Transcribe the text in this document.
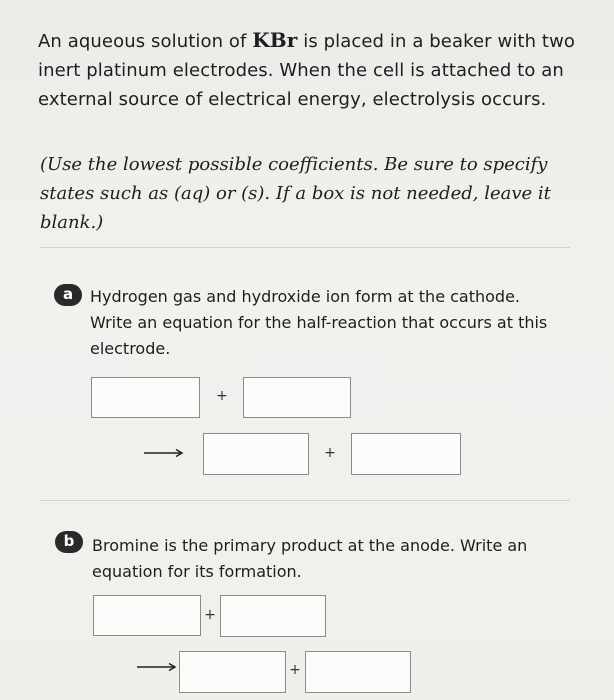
An aqueous solution of KBr is placed in a beaker with two inert platinum electrodes. When the cell is attached to an external source of electrical energy, electrolysis occurs.
(Use the lowest possible coefficients. Be sure to specify states such as (aq) or (s). If a box is not needed, leave it blank.)
a	Hydrogen gas and hydroxide ion form at the cathode. Write an equation for the half-reaction that occurs at this electrode.
+
+
b	Bromine is the primary product at the anode. Write an equation for its formation.
+
+
